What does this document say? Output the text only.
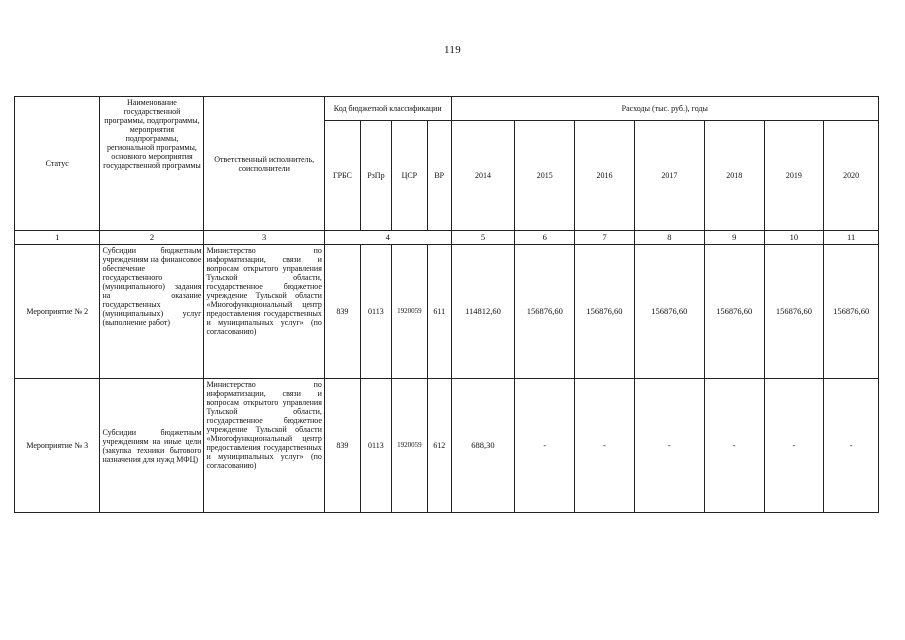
119
Статус	Наименование государственной программы, подпрограммы, мероприятия подпрограммы, региональной программы, основного мероприятия государственной программы	Ответственный исполнитель, соисполнители	Код бюджетной классификации				Расходы (тыс. руб.), годы						
			ГРБС	РзПр	ЦСР	ВР	2014	2015	2016	2017	2018	2019	2020
1	2	3	4				5	6	7	8	9	10	11
Мероприятие № 2	Субсидии бюджетным учреждениям на финансовое обеспечение государственного (муниципального) задания на оказание государственных (муниципальных) услуг (выполнение работ)	Министерство по информатизации, связи и вопросам открытого управления Тульской области, государственное бюджетное учреждение Тульской области «Многофункциональный центр предоставления государственных и муниципальных услуг» (по согласованию)	839	0113	1920059	611	114812,60	156876,60	156876,60	156876,60	156876,60	156876,60	156876,60
Мероприятие № 3	Субсидии бюджетным учреждениям на иные цели (закупка техники бытового назначения для нужд МФЦ)	Министерство по информатизации, связи и вопросам открытого управления Тульской области, государственное бюджетное учреждение Тульской области «Многофункциональный центр предоставления государственных и муниципальных услуг» (по согласованию)	839	0113	1920059	612	688,30	-	-	-	-	-	-
